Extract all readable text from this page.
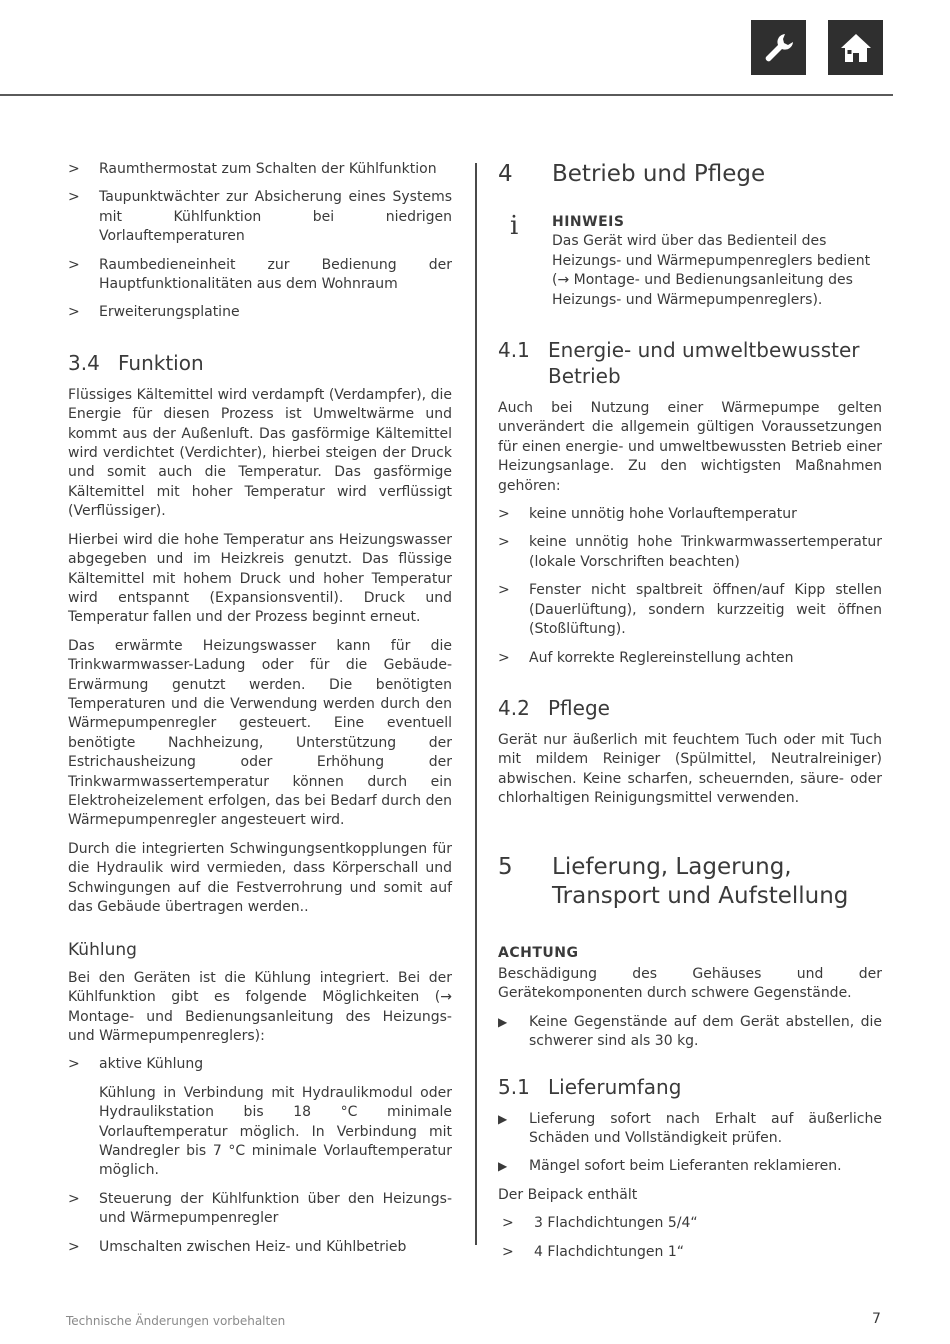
> Raumthermostat zum Schalten der Kühlfunktion
> Taupunktwächter zur Absicherung eines Systems mit Kühlfunktion bei niedrigen Vorlauftemperaturen
> Raumbedieneinheit zur Bedienung der Hauptfunktionalitäten aus dem Wohnraum
> Erweiterungsplatine
3.4 Funktion

Flüssiges Kältemittel wird verdampft (Verdampfer), die Energie für diesen Prozess ist Umweltwärme und kommt aus der Außenluft. Das gasförmige Kältemittel wird verdichtet (Verdichter), hierbei steigen der Druck und somit auch die Temperatur. Das gasförmige Kältemittel mit hoher Temperatur wird verflüssigt (Verflüssiger).

Hierbei wird die hohe Temperatur ans Heizungswasser abgegeben und im Heizkreis genutzt. Das flüssige Kältemittel mit hohem Druck und hoher Temperatur wird entspannt (Expansionsventil). Druck und Temperatur fallen und der Prozess beginnt erneut.

Das erwärmte Heizungswasser kann für die Trinkwarmwasser-Ladung oder für die Gebäude-Erwärmung genutzt werden. Die benötigten Temperaturen und die Verwendung werden durch den Wärmepumpenregler gesteuert. Eine eventuell benötigte Nachheizung, Unterstützung der Estrichausheizung oder Erhöhung der Trinkwarmwassertemperatur können durch ein Elektroheizelement erfolgen, das bei Bedarf durch den Wärmepumpenregler angesteuert wird.

Durch die integrierten Schwingungsentkopplungen für die Hydraulik wird vermieden, dass Körperschall und Schwingungen auf die Festverrohrung und somit auf das Gebäude übertragen werden..

Kühlung

Bei den Geräten ist die Kühlung integriert. Bei der Kühlfunktion gibt es folgende Möglichkeiten (→ Montage- und Bedienungsanleitung des Heizungs- und Wärmepumpenreglers):

> aktive Kühlung
Kühlung in Verbindung mit Hydraulikmodul oder Hydraulikstation bis 18 °C minimale Vorlauftemperatur möglich. In Verbindung mit Wandregler bis 7 °C minimale Vorlauftemperatur möglich.
> Steuerung der Kühlfunktion über den Heizungs- und Wärmepumpenregler
> Umschalten zwischen Heiz- und Kühlbetrieb
4	Betrieb und Pflege
i	HINWEIS
Das Gerät wird über das Bedienteil des Heizungs- und Wärmepumpenreglers bedient (→ Montage- und Bedienungsanleitung des Heizungs- und Wärmepumpenreglers).
4.1 Energie- und umweltbewusster Betrieb

Auch bei Nutzung einer Wärmepumpe gelten unverändert die allgemein gültigen Voraussetzungen für einen energie- und umweltbewussten Betrieb einer Heizungsanlage. Zu den wichtigsten Maßnahmen gehören:

> keine unnötig hohe Vorlauftemperatur
> keine unnötig hohe Trinkwarmwassertemperatur (lokale Vorschriften beachten)
> Fenster nicht spaltbreit öffnen/auf Kipp stellen (Dauerlüftung), sondern kurzzeitig weit öffnen (Stoßlüftung).
> Auf korrekte Reglereinstellung achten
4.2 Pflege

Gerät nur äußerlich mit feuchtem Tuch oder mit Tuch mit mildem Reiniger (Spülmittel, Neutralreiniger) abwischen. Keine scharfen, scheuernden, säure- oder chlorhaltigen Reinigungsmittel verwenden.

5	Lieferung, Lagerung, Transport und Aufstellung
ACHTUNG

Beschädigung des Gehäuses und der Gerätekomponenten durch schwere Gegenstände.

▶ Keine Gegenstände auf dem Gerät abstellen, die schwerer sind als 30 kg.
5.1 Lieferumfang
▶ Lieferung sofort nach Erhalt auf äußerliche Schäden und Vollständigkeit prüfen.
▶ Mängel sofort beim Lieferanten reklamieren.

Der Beipack enthält

> 3 Flachdichtungen 5/4“
> 4 Flachdichtungen 1“
Technische Änderungen vorbehalten	7
